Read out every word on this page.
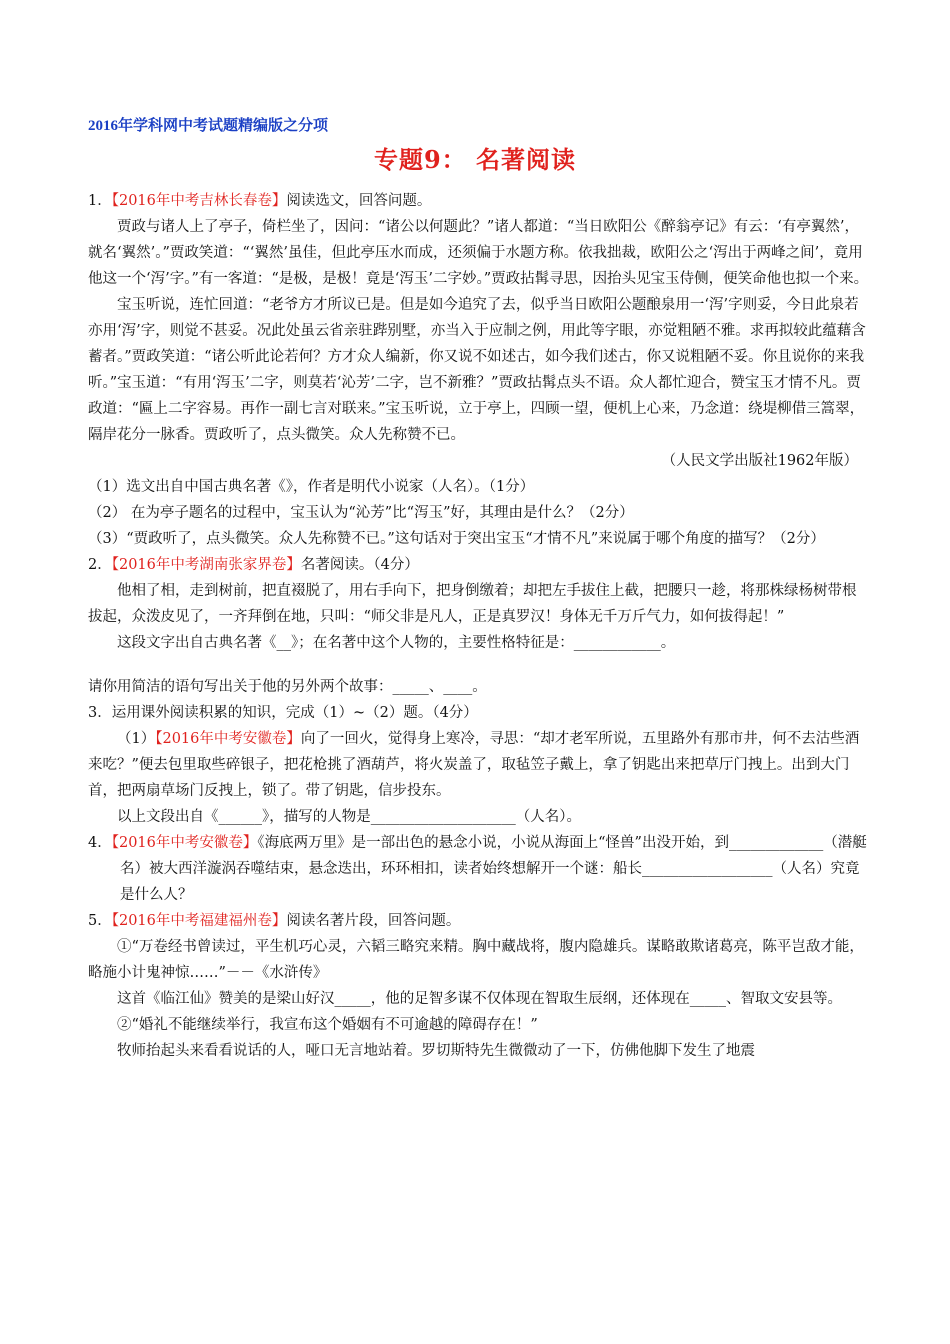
2016年学科网中考试题精编版之分项
专题9： 名著阅读

1．【2016年中考吉林长春卷】阅读选文，回答问题。

贾政与诸人上了亭子，倚栏坐了，因问：“诸公以何题此？”诸人都道：“当日欧阳公《醉翁亭记》有云：‘有亭翼然’，就名‘翼然’。”贾政笑道：“‘翼然’虽佳，但此亭压水而成，还须偏于水题方称。依我拙裁，欧阳公之‘泻出于两峰之间’，竟用他这一个‘泻’字。”有一客道：“是极，是极！竟是‘泻玉’二字妙。”贾政拈髯寻思，因抬头见宝玉侍侧，便笑命他也拟一个来。

宝玉听说，连忙回道：“老爷方才所议已是。但是如今追究了去，似乎当日欧阳公题酿泉用一‘泻’字则妥，今日此泉若亦用‘泻’字，则觉不甚妥。况此处虽云省亲驻跸别墅，亦当入于应制之例，用此等字眼，亦觉粗陋不雅。求再拟较此蕴藉含蓄者。”贾政笑道：“诸公听此论若何？方才众人编新，你又说不如述古，如今我们述古，你又说粗陋不妥。你且说你的来我听。”宝玉道：“有用‘泻玉’二字，则莫若‘沁芳’二字，岂不新雅？”贾政拈髯点头不语。众人都忙迎合，赞宝玉才情不凡。贾政道：“匾上二字容易。再作一副七言对联来。”宝玉听说，立于亭上，四顾一望，便机上心来，乃念道：绕堤柳借三篙翠，隔岸花分一脉香。贾政听了，点头微笑。众人先称赞不已。

（人民文学出版社1962年版）

（1）选文出自中国古典名著《》，作者是明代小说家（人名）。（1分）

（2） 在为亭子题名的过程中，宝玉认为“沁芳”比“泻玉”好，其理由是什么？（2分）

（3）“贾政听了，点头微笑。众人先称赞不已。”这句话对于突出宝玉“才情不凡”来说属于哪个角度的描写？（2分）

2．【2016年中考湖南张家界卷】名著阅读。（4分）

他相了相，走到树前，把直裰脱了，用右手向下，把身倒缴着；却把左手拔住上截，把腰只一趁，将那株绿杨树带根拔起，众泼皮见了，一齐拜倒在地，只叫：“师父非是凡人，正是真罗汉！身体无千万斤气力，如何拔得起！”

这段文字出自古典名著《__》；在名著中这个人物的，主要性格特征是：____________。

请你用简洁的语句写出关于他的另外两个故事：_____、____。

3．运用课外阅读积累的知识，完成（1）~（2）题。（4分）

（1）【2016年中考安徽卷】向了一回火，觉得身上寒冷，寻思：“却才老军所说，五里路外有那市井，何不去沽些酒来吃？”便去包里取些碎银子，把花枪挑了酒葫芦，将火炭盖了，取毡笠子戴上，拿了钥匙出来把草厅门拽上。出到大门首，把两扇草场门反拽上，锁了。带了钥匙，信步投东。

以上文段出自《______》，描写的人物是____________________（人名）。

4．【2016年中考安徽卷】《海底两万里》是一部出色的悬念小说，小说从海面上“怪兽”出没开始，到_____________（潜艇名）被大西洋漩涡吞噬结束，悬念迭出，环环相扣，读者始终想解开一个谜：船长__________________（人名）究竟是什么人？

5．【2016年中考福建福州卷】阅读名著片段，回答问题。

①“万卷经书曾读过，平生机巧心灵，六韬三略究来精。胸中藏战将，腹内隐雄兵。谋略敢欺诸葛亮，陈平岂敌才能，略施小计鬼神惊……”－－《水浒传》

这首《临江仙》赞美的是梁山好汉_____，他的足智多谋不仅体现在智取生辰纲，还体现在_____、智取文安县等。

②“婚礼不能继续举行，我宣布这个婚姻有不可逾越的障碍存在！”

牧师抬起头来看看说话的人，哑口无言地站着。罗切斯特先生微微动了一下，仿佛他脚下发生了地震
